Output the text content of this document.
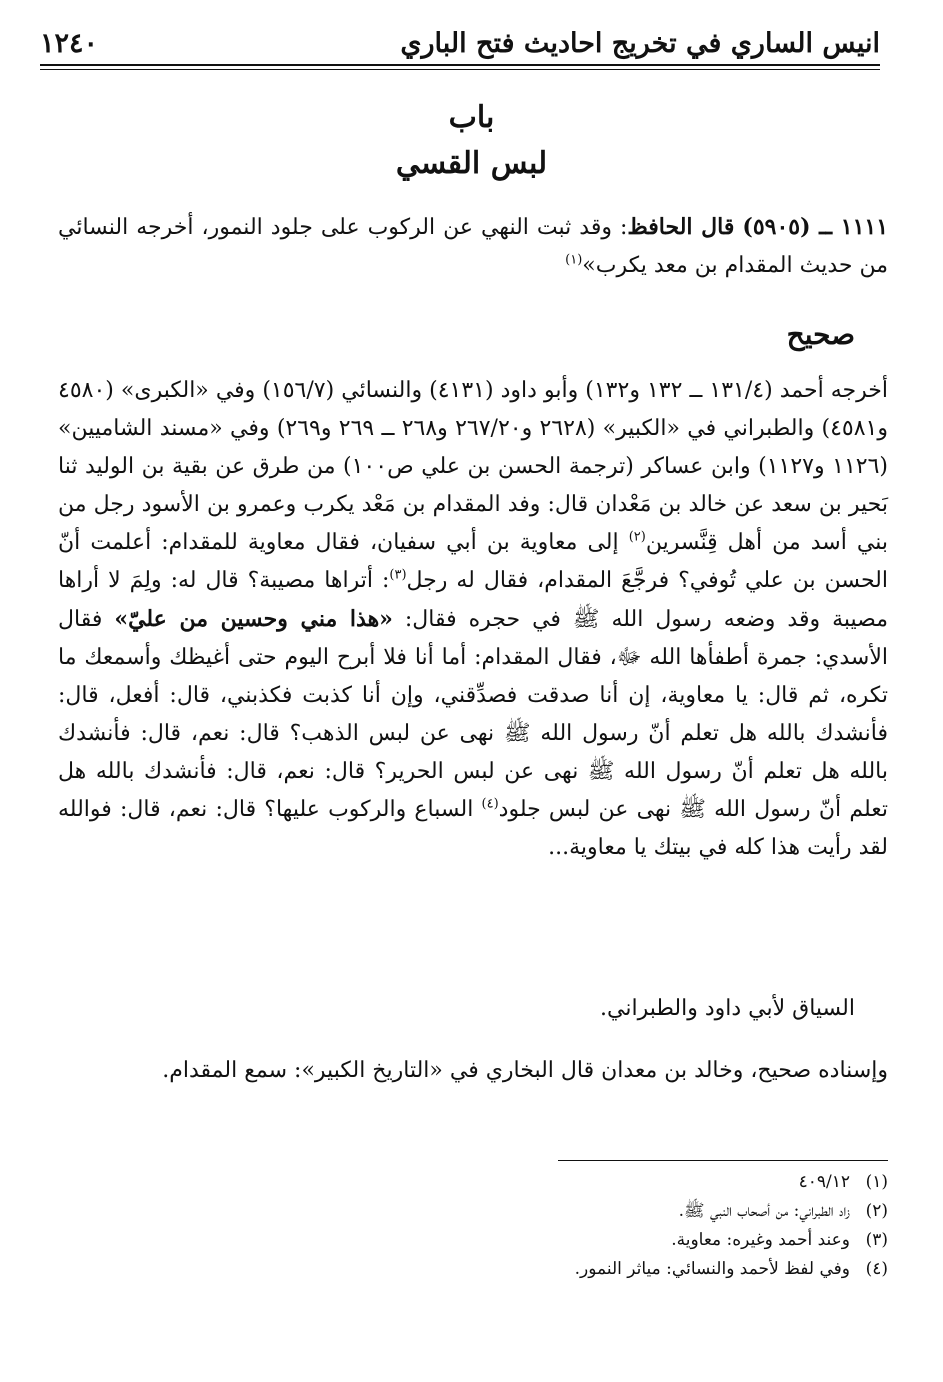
انيس الساري في تخريج احاديث فتح الباري
١٢٤٠
باب
لبس القسي
١١١١ ــ (٥٩٠٥) قال الحافظ: وقد ثبت النهي عن الركوب على جلود النمور، أخرجه النسائي من حديث المقدام بن معد يكرب»$^{(١)}$
صحيح
أخرجه أحمد (١٣١/٤ ــ ١٣٢ و١٣٢) وأبو داود (٤١٣١) والنسائي (١٥٦/٧) وفي «الكبرى» (٤٥٨٠ و٤٥٨١) والطبراني في «الكبير» (٢٦٢٨ و٢٦٧/٢٠ و٢٦٨ ــ ٢٦٩ و٢٦٩) وفي «مسند الشاميين» (١١٢٦ و١١٢٧) وابن عساكر (ترجمة الحسن بن علي ص١٠٠) من طرق عن بقية بن الوليد ثنا بَحير بن سعد عن خالد بن مَعْدان قال: وفد المقدام بن مَعْد يكرب وعمرو بن الأسود رجل من بني أسد من أهل قِنَّسرين$^{(٢)}$ إلى معاوية بن أبي سفيان، فقال معاوية للمقدام: أعلمت أنّ الحسن بن علي تُوفي؟ فرجَّعَ المقدام، فقال له رجل$^{(٣)}$: أتراها مصيبة؟ قال له: ولِمَ لا أراها مصيبة وقد وضعه رسول الله ﷺ في حجره فقال: «هذا مني وحسين من عليّ» فقال الأسدي: جمرة أطفأها الله ﷻ، فقال المقدام: أما أنا فلا أبرح اليوم حتى أغيظك وأسمعك ما تكره، ثم قال: يا معاوية، إن أنا صدقت فصدِّقني، وإن أنا كذبت فكذبني، قال: أفعل، قال: فأنشدك بالله هل تعلم أنّ رسول الله ﷺ نهى عن لبس الذهب؟ قال: نعم، قال: فأنشدك بالله هل تعلم أنّ رسول الله ﷺ نهى عن لبس الحرير؟ قال: نعم، قال: فأنشدك بالله هل تعلم أنّ رسول الله ﷺ نهى عن لبس جلود$^{(٤)}$ السباع والركوب عليها؟ قال: نعم، قال: فوالله لقد رأيت هذا كله في بيتك يا معاوية...
السياق لأبي داود والطبراني.
وإسناده صحيح، وخالد بن معدان قال البخاري في «التاريخ الكبير»: سمع المقدام.
(١)
٤٠٩/١٢
(٢)
زاد الطبراني: من أصحاب النبي ﷺ.
(٣)
وعند أحمد وغيره: معاوية.
(٤)
وفي لفظ لأحمد والنسائي: مياثر النمور.
